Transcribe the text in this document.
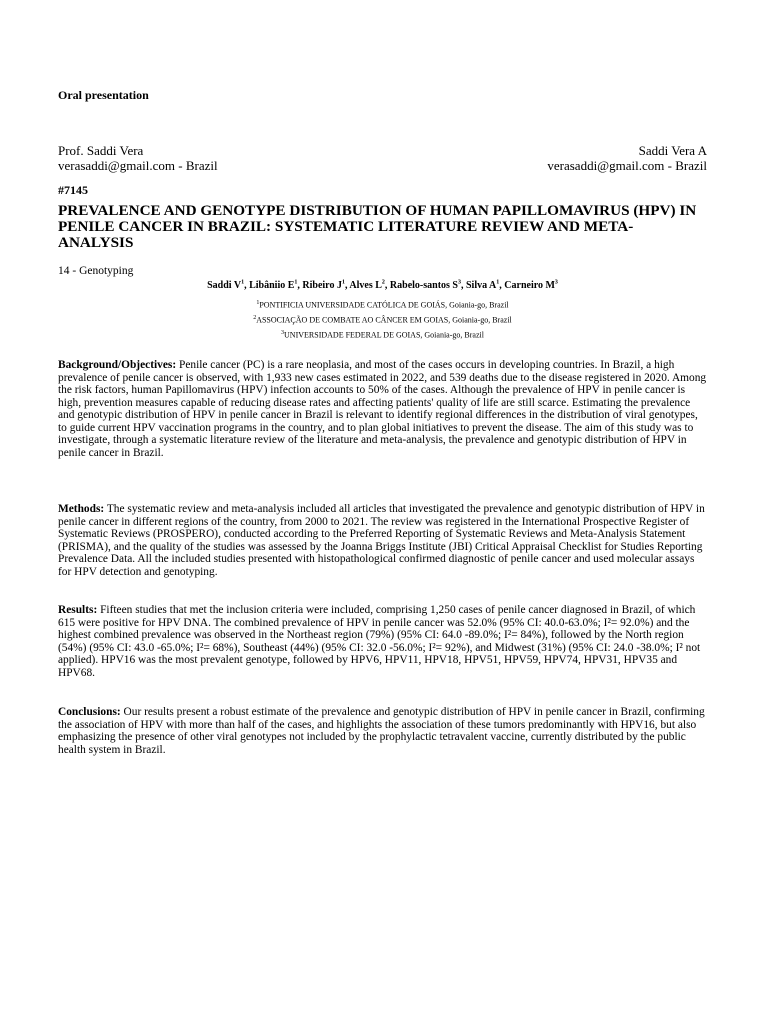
Oral presentation
Prof. Saddi Vera
verasaddi@gmail.com - Brazil
Saddi Vera A
verasaddi@gmail.com - Brazil
#7145
PREVALENCE AND GENOTYPE DISTRIBUTION OF HUMAN PAPILLOMAVIRUS (HPV) IN PENILE CANCER IN BRAZIL: SYSTEMATIC LITERATURE REVIEW AND META-ANALYSIS
14 - Genotyping
Saddi $V^1$, Libâniio $E^1$, Ribeiro $J^1$, Alves $L^2$, Rabelo-santos $S^3$, Silva $A^1$, Carneiro $M^3$
$^1$PONTIFICIA UNIVERSIDADE CATÓLICA DE GOIÁS, Goiania-go, Brazil
$^2$ASSOCIAÇÃO DE COMBATE AO CÂNCER EM GOIAS, Goiania-go, Brazil
$^3$UNIVERSIDADE FEDERAL DE GOIAS, Goiania-go, Brazil

Background/Objectives: Penile cancer (PC) is a rare neoplasia, and most of the cases occurs in developing countries. In Brazil, a high prevalence of penile cancer is observed, with 1,933 new cases estimated in 2022, and 539 deaths due to the disease registered in 2020. Among the risk factors, human Papillomavirus (HPV) infection accounts to 50% of the cases. Although the prevalence of HPV in penile cancer is high, prevention measures capable of reducing disease rates and affecting patients' quality of life are still scarce. Estimating the prevalence and genotypic distribution of HPV in penile cancer in Brazil is relevant to identify regional differences in the distribution of viral genotypes, to guide current HPV vaccination programs in the country, and to plan global initiatives to prevent the disease. The aim of this study was to investigate, through a systematic literature review of the literature and meta-analysis, the prevalence and genotypic distribution of HPV in penile cancer in Brazil.

Methods: The systematic review and meta-analysis included all articles that investigated the prevalence and genotypic distribution of HPV in penile cancer in different regions of the country, from 2000 to 2021. The review was registered in the International Prospective Register of Systematic Reviews (PROSPERO), conducted according to the Preferred Reporting of Systematic Reviews and Meta-Analysis Statement (PRISMA), and the quality of the studies was assessed by the Joanna Briggs Institute (JBI) Critical Appraisal Checklist for Studies Reporting Prevalence Data. All the included studies presented with histopathological confirmed diagnostic of penile cancer and used molecular assays for HPV detection and genotyping.

Results: Fifteen studies that met the inclusion criteria were included, comprising 1,250 cases of penile cancer diagnosed in Brazil, of which 615 were positive for HPV DNA. The combined prevalence of HPV in penile cancer was 52.0% (95% CI: 40.0-63.0%; I²= 92.0%) and the highest combined prevalence was observed in the Northeast region (79%) (95% CI: 64.0 -89.0%; I²= 84%), followed by the North region (54%) (95% CI: 43.0 -65.0%; I²= 68%), Southeast (44%) (95% CI: 32.0 -56.0%; I²= 92%), and Midwest (31%) (95% CI: 24.0 -38.0%; I² not applied). HPV16 was the most prevalent genotype, followed by HPV6, HPV11, HPV18, HPV51, HPV59, HPV74, HPV31, HPV35 and HPV68.

Conclusions: Our results present a robust estimate of the prevalence and genotypic distribution of HPV in penile cancer in Brazil, confirming the association of HPV with more than half of the cases, and highlights the association of these tumors predominantly with HPV16, but also emphasizing the presence of other viral genotypes not included by the prophylactic tetravalent vaccine, currently distributed by the public health system in Brazil.
